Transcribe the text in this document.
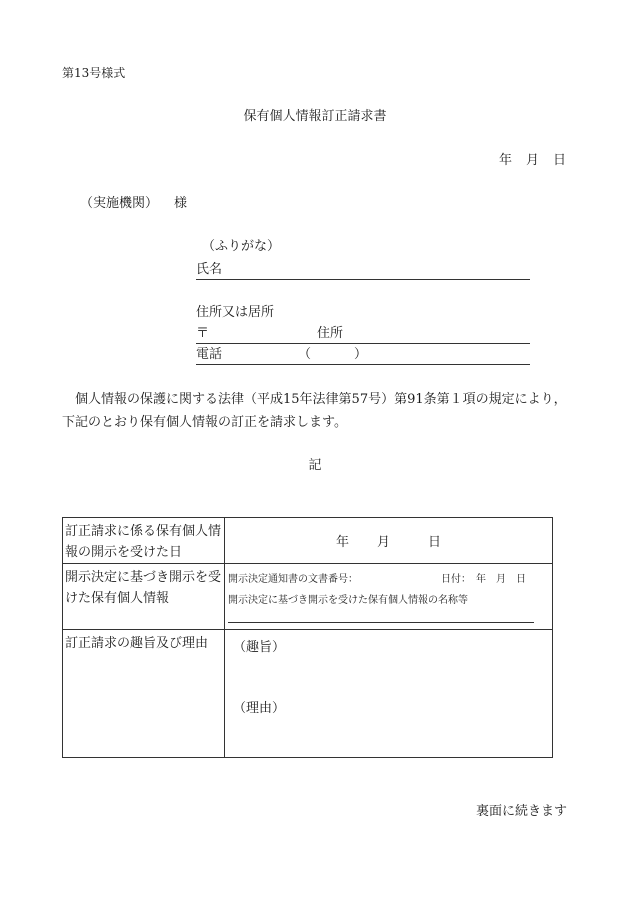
第13号様式
保有個人情報訂正請求書
年 月 日
（実施機関） 様
（ふりがな）
氏名
住所又は居所
〒	住所
電話	（	）
個人情報の保護に関する法律（平成15年法律第57号）第91条第１項の規定により，下記のとおり保有個人情報の訂正を請求します。
記
訂正請求に係る保有個人情報の開示を受けた日	年 月 日
開示決定に基づき開示を受けた保有個人情報	開示決定通知書の文書番号： 日付：　年　月　日
開示決定に基づき開示を受けた保有個人情報の名称等

訂正請求の趣旨及び理由	（趣旨）
（理由）
裏面に続きます
